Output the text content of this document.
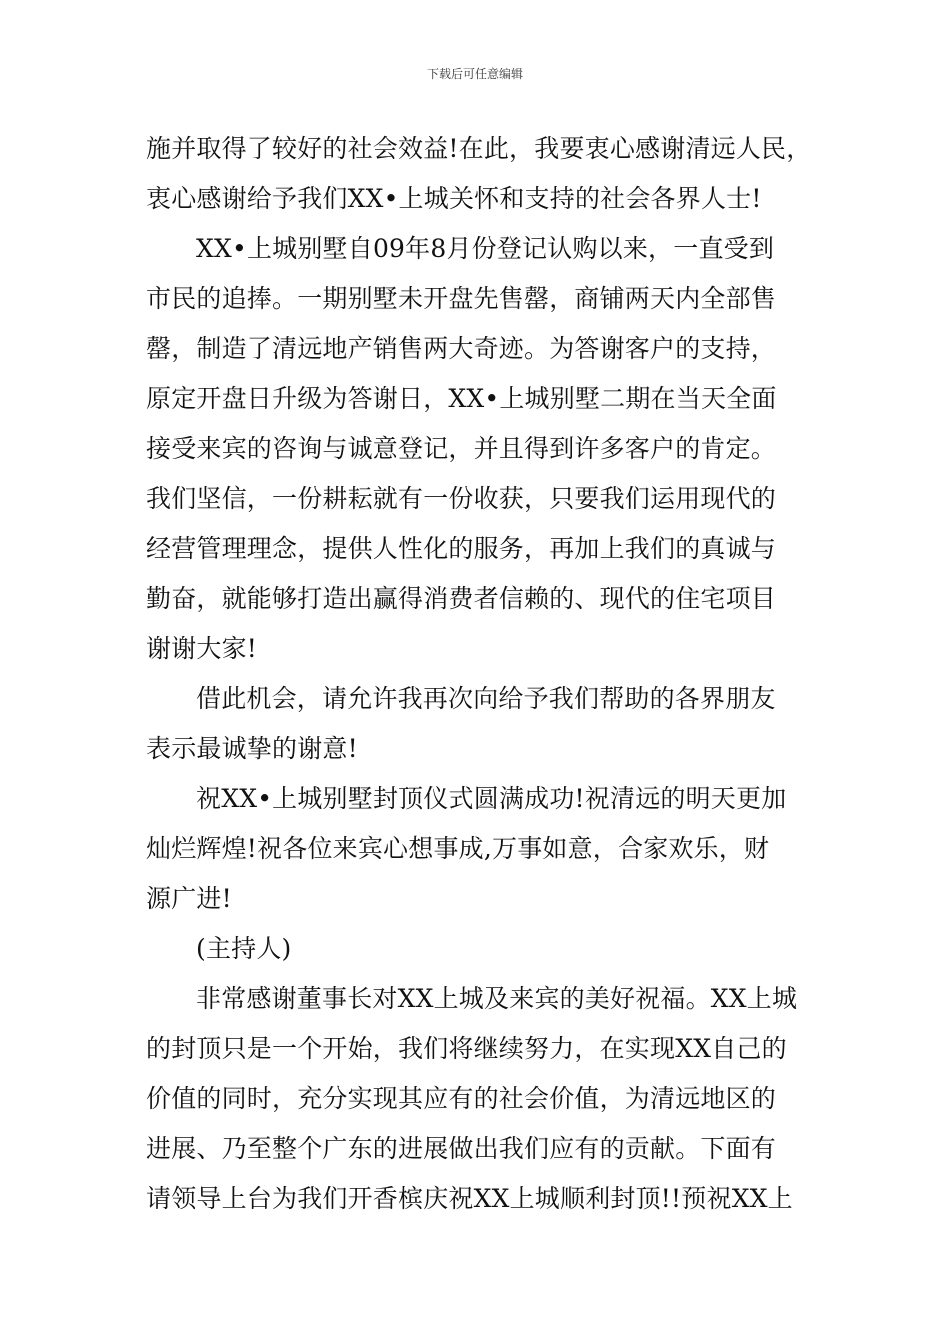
下载后可任意编辑
施并取得了较好的社会效益!在此，我要衷心感谢清远人民，
衷心感谢给予我们XX•上城关怀和支持的社会各界人士!
XX•上城别墅自09年8月份登记认购以来，一直受到
市民的追捧。一期别墅未开盘先售罄，商铺两天内全部售
罄，制造了清远地产销售两大奇迹。为答谢客户的支持，
原定开盘日升级为答谢日，XX•上城别墅二期在当天全面
接受来宾的咨询与诚意登记，并且得到许多客户的肯定。
我们坚信，一份耕耘就有一份收获，只要我们运用现代的
经营管理理念，提供人性化的服务，再加上我们的真诚与
勤奋，就能够打造出赢得消费者信赖的、现代的住宅项目
谢谢大家!
借此机会，请允许我再次向给予我们帮助的各界朋友
表示最诚挚的谢意!
祝XX•上城别墅封顶仪式圆满成功!祝清远的明天更加
灿烂辉煌!祝各位来宾心想事成,万事如意，合家欢乐，财
源广进!
(主持人)
非常感谢董事长对XX上城及来宾的美好祝福。XX上城
的封顶只是一个开始，我们将继续努力，在实现XX自己的
价值的同时，充分实现其应有的社会价值，为清远地区的
进展、乃至整个广东的进展做出我们应有的贡献。下面有
请领导上台为我们开香槟庆祝XX上城顺利封顶!!预祝XX上
